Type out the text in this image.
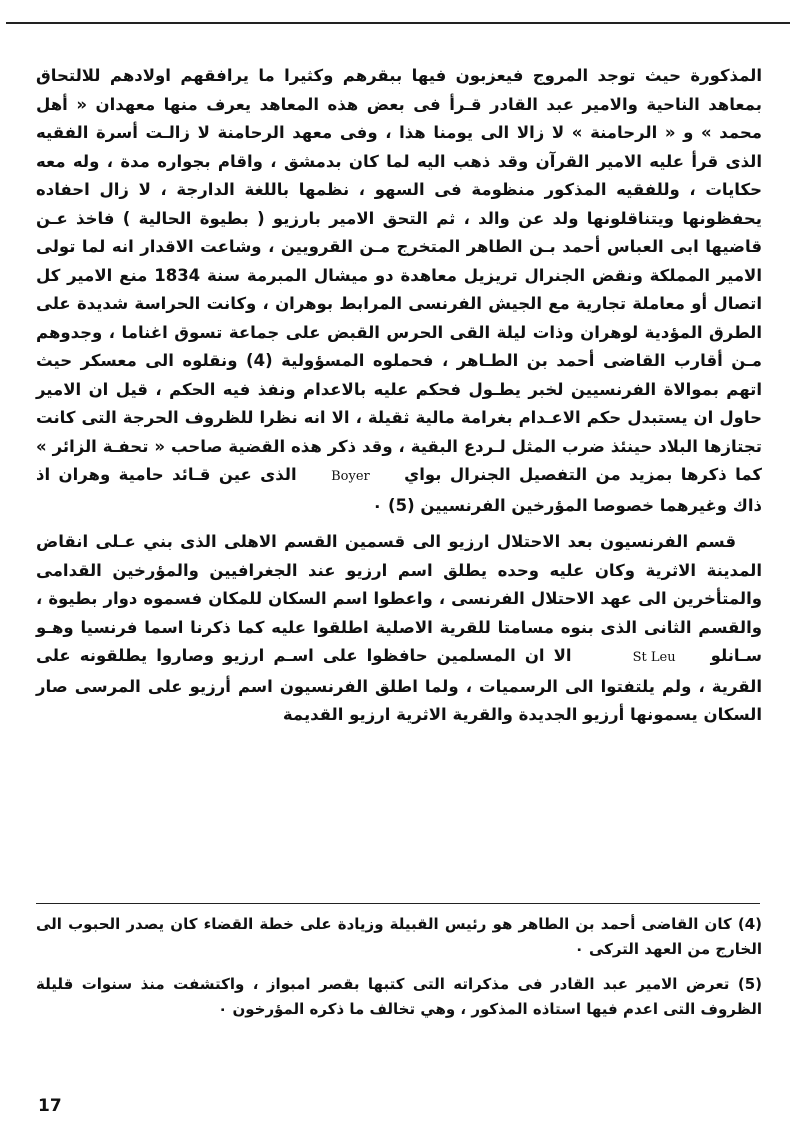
المذكورة حيث توجد المروج فيعزبون فيها ببقرهم وكثيرا ما يرافقهم اولادهم للالتحاق بمعاهد الناحية والامير عبد القادر قـرأ فى بعض هذه المعاهد يعرف منها معهدان « أهل محمد » و « الرحامنة » لا زالا الى يومنا هذا ، وفى معهد الرحامنة لا زالـت أسرة الفقيه الذى قرأ عليه الامير القرآن وقد ذهب اليه لما كان بدمشق ، واقام بجواره مدة ، وله معه حكايات ، وللفقيه المذكور منظومة فى السهو ، نظمها باللغة الدارجة ، لا زال احفاده يحفظونها ويتناقلونها ولد عن والد ، ثم التحق الامير بارزيو ( بطيوة الحالية ) فاخذ عـن قاضيها ابى العباس أحمد بـن الطاهر المتخرج مـن القرويين ، وشاعت الاقدار انه لما تولى الامير المملكة ونقض الجنرال تريزيل معاهدة دو ميشال المبرمة سنة 1834 منع الامير كل اتصال أو معاملة تجارية مع الجيش الفرنسى المرابط بوهران ، وكانت الحراسة شديدة على الطرق المؤدية لوهران وذات ليلة القى الحرس القبض على جماعة تسوق اغناما ، وجدوهم مـن أقارب القاضى أحمد بن الطـاهر ، فحملوه المسؤولية (4) ونقلوه الى معسكر حيث اتهم بموالاة الفرنسيين لخبر يطـول فحكم عليه بالاعدام ونفذ فيه الحكم ، قيل ان الامير حاول ان يستبدل حكم الاعـدام بغرامة مالية ثقيلة ، الا انه نظرا للظروف الحرجة التى كانت تجتازها البلاد حينئذ ضرب المثل لـردع البقية ، وقد ذكر هذه القضية صاحب « تحفـة الزائر » كما ذكرها بمزيد من التفصيل الجنرال بواي Boyer الذى عين قـائد حامية وهران اذ ذاك وغيرهما خصوصا المؤرخين الفرنسيين (5) ٠

قسم الفرنسيون بعد الاحتلال ارزيو الى قسمين القسم الاهلى الذى بني عـلى انقاض المدينة الاثرية وكان عليه وحده يطلق اسم ارزيو عند الجغرافيين والمؤرخين القدامى والمتأخرين الى عهد الاحتلال الفرنسى ، واعطوا اسم السكان للمكان فسموه دوار بطيوة ، والقسم الثانى الذى بنوه مسامتا للقرية الاصلية اطلقوا عليه كما ذكرنا اسما فرنسيا وهـو سـانلو St Leu الا ان المسلمين حافظوا على اسـم ارزيو وصاروا يطلقونه على القرية ، ولم يلتفتوا الى الرسميات ، ولما اطلق الفرنسيون اسم أرزيو على المرسى صار السكان يسمونها أرزيو الجديدة والقرية الاثرية ارزيو القديمة

(4) كان القاضى أحمد بن الطاهر هو رئيس القبيلة وزيادة على خطة القضاء كان يصدر الحبوب الى الخارج من العهد التركى ٠

(5) تعرض الامير عبد القادر فى مذكراته التى كتبها بقصر امبواز ، واكتشفت منذ سنوات قليلة الظروف التى اعدم فيها استاذه المذكور ، وهي تخالف ما ذكره المؤرخون ٠

17
